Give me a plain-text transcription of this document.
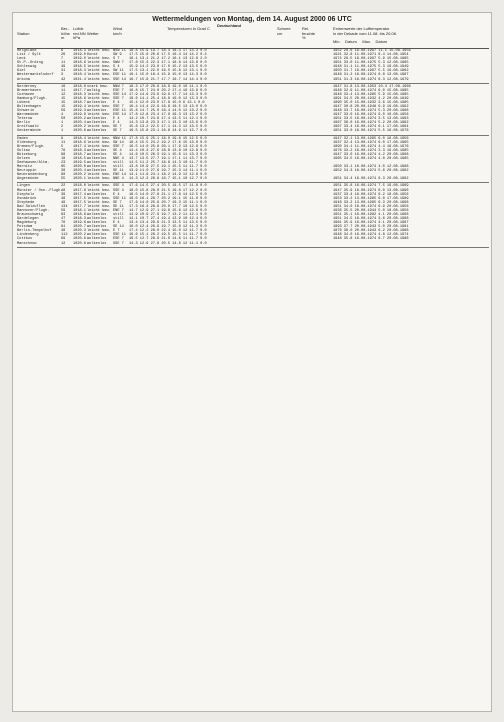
Wettermeldungen von Montag, dem 14. August 2000 06 UTC
Station
Ber.-
höhe
m
Luftdr.
red.NN
hPa
Wetter
Wind
km/h
Temperaturen in Grad C
Deutschland
Schnee
cm
Rel.
feuchte
%
Extremwerte der Lufttemperatur
in der Dekade vom 11.08. bis 20.08.
Min.    Datum     Max.    Datum
Helgoland	6	1018.3 leicht bew. WSW 11 18.8 15.9 19.7 18.4 18.3 17 13.3 0.0	1952 28.6 19.08.1997 11.1 15.08.1956
List / Sylt	26 1019.0 Dunst	SW 9 17.5 15.6 20.6 17.5 16.4 14 14.2 0.4	1921 32.8 11.08.1971 8.4 14.08.1954
Leck	7	1019.0 leicht bew. S 7	16.1 13.1 21.2 17.2 16.1 13 12.8 2.0	1974 29.5 19.08.1997 5.9 15.08.1985
St.P.-Ording	11 1018.6 leicht bew. SWW 7 17.8 15.3 22.3 17.1 16.8 14 13.8 0.0	1951 33.0 11.08.1975 5.3 12.08.1965
Schleswig	49 1018.5 leicht bew. S 4	15.9 14.2 23.0 17.0 15.2 13 13.5 0.0	1948 31.1 11.08.1975 5.3 16.08.1949
Kiel	31 1018.3 leicht bew. SW 11 17.5 13.1 22.0 16.5 15.8 12 13.1 0.0	1950 31.7 19.08.1997 5.5 19.08.1962
Westermarkelsdorf 3	1018.4 leicht bew. ESE 11 16.1 15.0 18.4 15.9 15.0 13 14.3 0.0	1948 31.2 16.08.1974 6.8 13.08.1967
Arkona	42 1021.4 leicht bew. SSE 14 16.7 15.8 21.7 17.7 16.7 14 14.4 0.0	1951 31.3 16.08.1974 8.3 12.08.1979
Norderney	16 1018.8 stark bew. NNW 7 18.3 17.0 20.8 18.8 19.0 16 11.1 0.0	1947 31.8 13.08.1953 10.4 17.08.1966
Bremerhaven	11 1017.7 wolkig	ESE 7 16.8 15.7 24.0 20.2 17.4 16 13.9 0.0	1948 32.9 11.08.1974 6.0 15.08.1985
Cuxhaven	12 1018.3 leicht bew. SSE 14 17.9 14.9 23.6 19.6 17.7 14 13.3 0.0	1946 33.4 13.08.1995 5.9 15.08.1985
Hamburg/Flugh.	15 1018.6 leicht bew. SSE 7 18.6 14.1 25.4 18.8 16.0 12 13.3 0.0	1891 34.5 20.08.1932 4.2 20.08.1949
Lübeck	15 1018.7 wolkenlos E 4	15.4 12.0 23.0 17.8 15.0 9 13.1 0.0	1890 35.0 15.08.1932 3.6 15.08.1985
Boltenhagen	15 1019.4 leicht bew. SSE 7 16.4 14.4 22.9 16.8 16.5 13 13.0 0.0	1947 30.8 20.08.1948 6.9 16.08.1962
Schwerin	59 1019.3 wolkenlos ESE 11 15.8 14.7 25.0 18.4 14.0 12 13.2 0.0	1948 33.7 16.08.1974 5.3 20.08.1968
Warnemünde	4	1019.9 leicht bew. ESE 14 17.8 12.8 23.4 17.9 16.3 13 13.2 0.0	1947 33.0 16.08.1974 6.0 16.08.1956
Teterow	50 1020.2 wolkenlos E 4	14.2 10.7 24.8 17.4 13.5 11 12.1 0.0	1951 33.5 16.08.1974 3.5 13.08.1993
Berlin	1	1020.4 wolkenlos E 4	14.3 13.8 23.3 17.1 13.3 10 13.6 0.0	1967 36.0 16.08.1974 5.2 20.08.1982
Greifswald	2	1020.2 leicht bew. SE 7 15.8 13.2 22.5 17.1 14.3 12 13.5 0.0	1967 33.4 16.08.1974 6.1 17.08.1964
Ueckermünde	1	1020.6 wolkenlos SE 7 16.5 15.8 23.1 16.8 14.9 11 13.7 0.0	1951 33.0 16.08.1974 5.5 16.08.1976
Emden	8	1018.4 leicht bew. NNW 11 17.8 15.9 25.1 18.0 19.8 15 12.5 0.0	1947 32.1 13.08.1995 6.0 16.08.1956
Oldenburg	11 1018.6 leicht bew. SW 14 18.4 15.5 24.2 19.2 17.6 15 13.0 0.0	1937 32.4 13.08.1974 6.0 17.08.1965
Bremen/Flugh.	5	1017.4 leicht bew. SSE 7 16.5 14.0 25.8 20.1 17.9 13 12.9 0.0	1890 34.1 11.08.1974 4.4 18.08.1976
Soltau	76 1018.3 wolkenlos SE 4 14.4 10.3 27.6 18.8 13.8 10 12.8 0.0	1976 33.2 16.08.1974 3.3 19.08.1985
Bützeburg	98 1018.7 wolkenlos SE 4 14.6 10.5 26.3 19.1 15.6 11 13.3 0.0	1947 33.0 16.08.1974 4.2 20.08.1968
Uelzen	18 1018.5 wolkenlos NNE 4 13.7 13.5 27.7 19.1 17.1 11 13.7 0.0	1965 34.5 16.08.1974 4.8 20.08.1985
Seehausen/Altm.	23 1019.5 wolkenlos still 14.5 11.2 25.7 18.6 14.3 10 11.7 0.0
Marnitz	85 1020.0 wolkenlos still 13.8 10.9 27.5 19.1 15.5 11 11.7 0.0	1950 33.1 16.08.1974 4.0 12.08.1968
Neuruppin	38 1020.4 wolkenlos SE 11 13.9 11.0 27.6 19.7 15.3 14 11.1 0.0	1952 34.3 16.08.1974 5.6 20.08.1982
Neubrandenburg	80 1020.2 leicht bew. ENE 14 14.1 11.9 24.1 18.2 14.9 12 12.9 0.0
Angermünde	55 1020.1 leicht bew. NNE 4 14.3 12.3 26.8 18.7 15.1 10 12.7 0.0	1951 34.4 16.08.1974 6.3 20.08.1982
Lingen	22 1018.0 leicht bew. SSE 4 17.6 14.5 27.4 20.5 18.5 17 11.6 0.0	1951 35.8 16.08.1974 7.5 19.08.1969
Münster / Osn.-Flugh.
48 1017.8 leicht bew. SSE 4 18.0 15.8 28.0 21.5 19.8 17 12.2 0.0	1947 35.9 16.08.1974 8.0 13.08.1996
Diepholz	39 1017.4 wolkenlos E 4	16.5 14.0 27.8 21.1 17.8 14 12.5 0.0	1937 33.4 16.08.1974 6.2 18.08.1956
Osnabrück	48 1017.5 leicht bew. SSE 11 18.0 16.1 26.7 20.2 19.1 15 11.0 0.0	1953 33.2 13.08.1995 6.8 17.08.1989
Stephede	48 1017.5 leicht bew. SE 7 17.6 14.0 25.9 20.7 16.3 15 11.1 0.0	1948 33.2 13.08.1995 6.3 20.08.1968
Bad Salzuflen	134 1017.7 leicht bew. SE 11 17.3 16.3 26.6 20.0 17.7 16 12.5 0.0	1951 34.0 16.08.1974 6.9 20.08.1956
Hannover/Flugh.	59 1018.1 leicht bew. ENE 7 14.7 12.9 27.1 19.8 15.6 12 12.8 0.0	1936 35.5 20.08.1944 5.0 18.08.1956
Braunschweig	83 1018.6 wolkenlos still 14.9 10.9 27.9 19.7 13.2 11 12.1 0.0	1951 35.1 16.08.1992 4.1 20.08.1968
Gardelegen	47 1018.3 wolkenlos still 14.1 10.7 27.4 19.4 13.9 10 12.4 0.0	1951 34.5 16.08.1974 3.6 20.08.1968
Magdeburg	76 1019.6 wolkenlos E 4	13.4 13.4 29.8 21.3 13.5 11 13.5 0.0	1961 35.9 16.08.1974 4.1 20.08.1987
Potsdam	81 1020.7 wolkenlos SE 14 16.0 12.4 26.9 19.7 15.8 12 11.3 0.0	1893 37.7 20.08.1943 5.0 20.08.1981
Berlin-Tempelhof	48 1020.3 leicht bew. E 7	17.4 12.2 28.0 22.4 15.0 12 11.7 0.0	1876 36.0 20.08.1943 6.2 20.08.1968
Lindenberg	112 1020.2 wolkenlos SSE 11 16.6 15.1 26.2 19.5 15.5 11 11.7 0.0	1948 34.0 16.08.1974 4.8 12.08.1974
Cottbus	69 1020.6 wolkenlos ESE 7 16.5 12.7 28.8 21.0 14.6 11 11.7 0.0	1948 35.8 16.08.1974 6.7 20.08.1986
Manschnow	12 1020.6 wolkenlos SSE 7 14.3 12.6 27.8 20.5 14.8 12 11.1 0.0
